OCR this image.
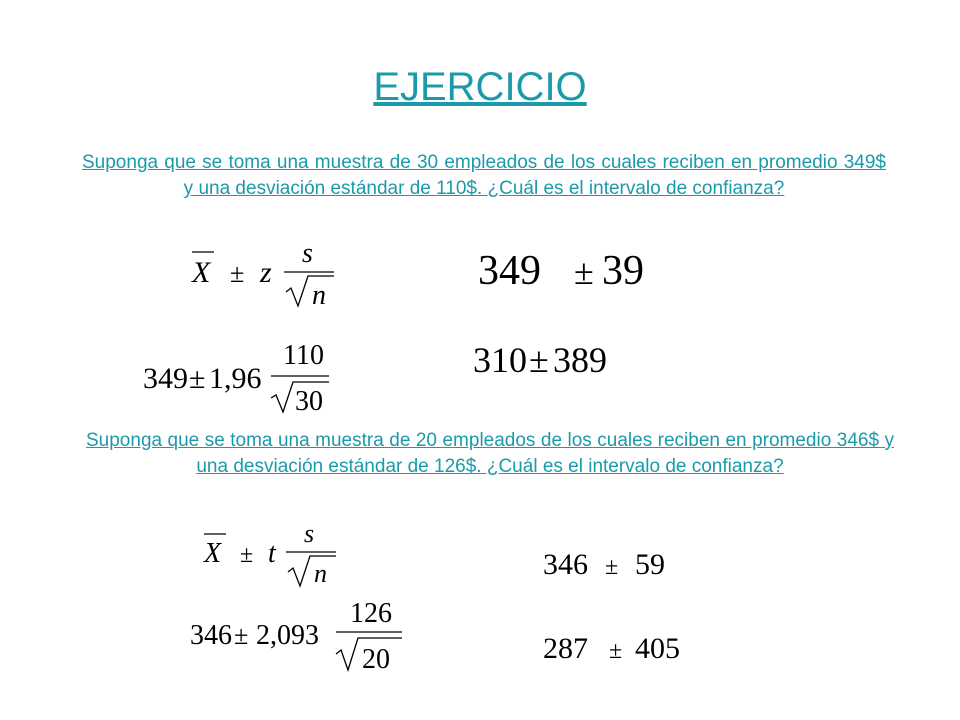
EJERCICIO
Suponga que se toma una muestra de 30 empleados de los cuales reciben en promedio 349$ y una desviación estándar de 110$. ¿Cuál es el intervalo de confianza?
X ± z
s
n
349 ± 39
349 ± 1,96
110
30
310 ± 389
Suponga que se toma una muestra de 20 empleados de los cuales reciben en promedio 346$ y una desviación estándar de 126$. ¿Cuál es el intervalo de confianza?
X ± t
s
n	346 ± 59
346 ± 2,093
126
20	287 ± 405
